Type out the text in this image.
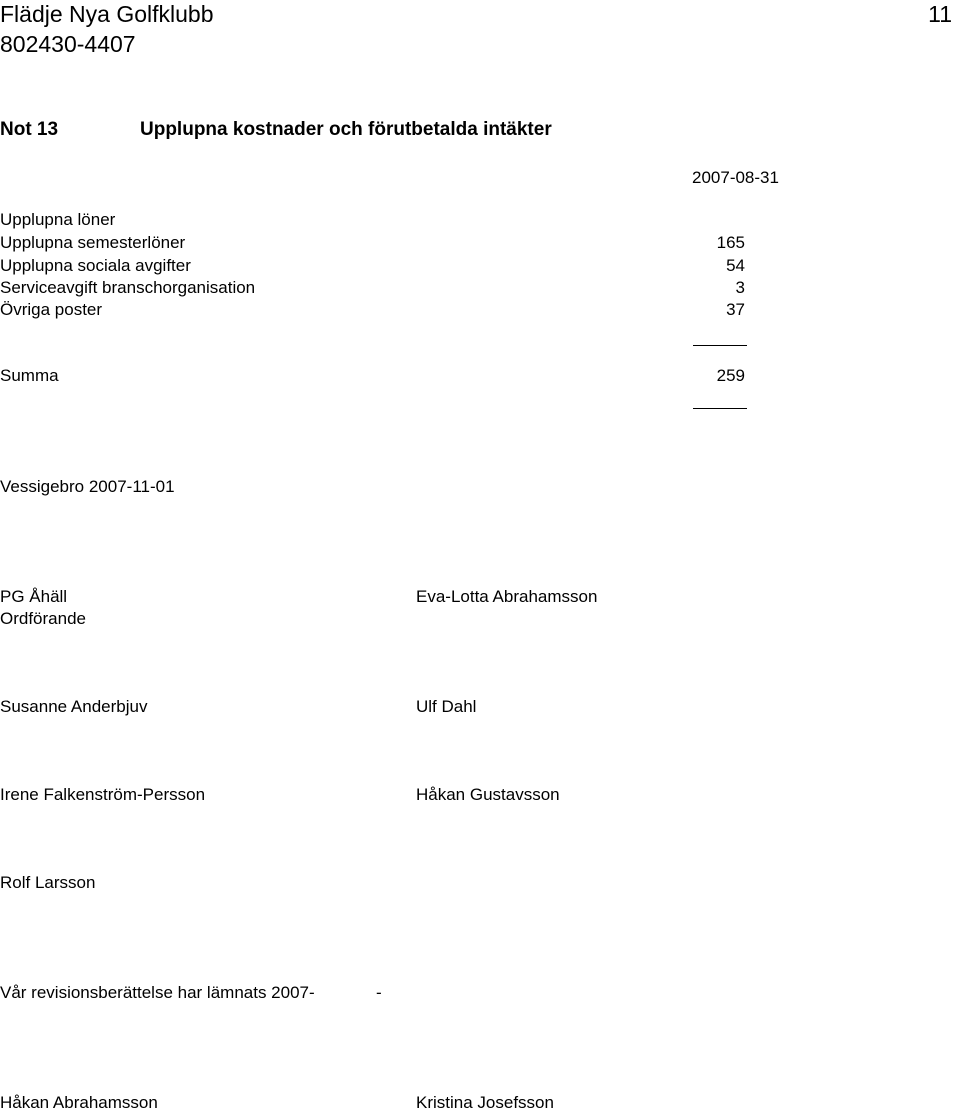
Flädje Nya Golfklubb
802430-4407
11
Not 13	Upplupna kostnader och förutbetalda intäkter
2007-08-31
Upplupna löner
Upplupna semesterlöner	165
Upplupna sociala avgifter	54
Serviceavgift branschorganisation	3
Övriga poster	37
Summa	259
Vessigebro 2007-11-01
PG Åhäll
Ordförande
Eva-Lotta Abrahamsson
Susanne Anderbjuv	Ulf Dahl
Irene Falkenström-Persson	Håkan Gustavsson
Rolf Larsson
Vår revisionsberättelse har lämnats 2007-	-
Håkan Abrahamsson	Kristina Josefsson
